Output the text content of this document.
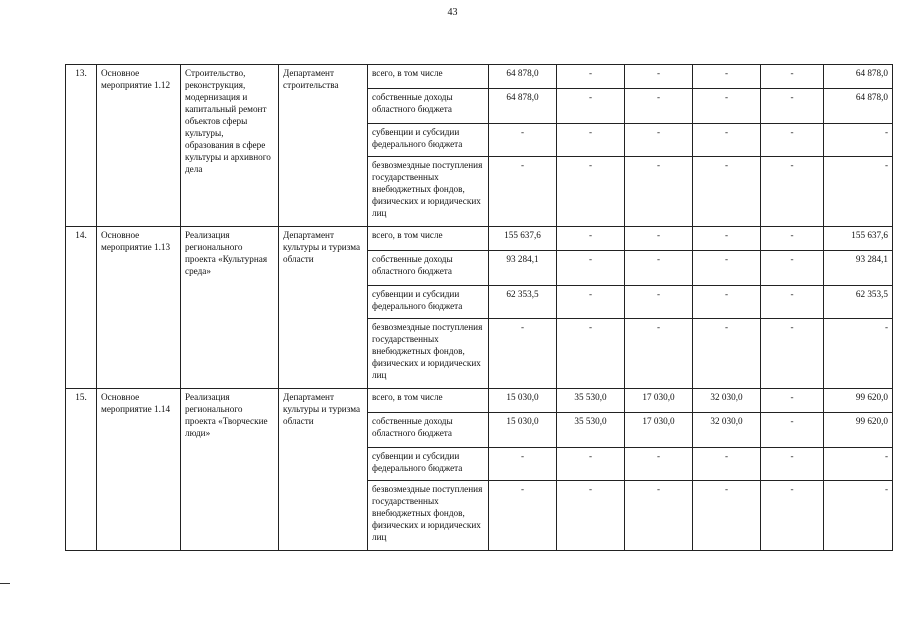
43
13.	Основное мероприятие 1.12	Строительство, реконструкция, модернизация и капитальный ремонт объектов сферы культуры, образования в сфере культуры и архивного дела	Департамент строительства	всего, в том числе	64 878,0	-	-	-	-	64 878,0
				собственные доходы областного бюджета	64 878,0	-	-	-	-	64 878,0
				субвенции и субсидии федерального бюджета	-	-	-	-	-	-
				безвозмездные поступления государственных внебюджетных фондов, физических и юридических лиц	-	-	-	-	-	-
14.	Основное мероприятие 1.13	Реализация регионального проекта «Культурная среда»	Департамент культуры и туризма области	всего, в том числе	155 637,6	-	-	-	-	155 637,6
				собственные доходы областного бюджета	93 284,1	-	-	-	-	93 284,1
				субвенции и субсидии федерального бюджета	62 353,5	-	-	-	-	62 353,5
				безвозмездные поступления государственных внебюджетных фондов, физических и юридических лиц	-	-	-	-	-	-
15.	Основное мероприятие 1.14	Реализация регионального проекта «Творческие люди»	Департамент культуры и туризма области	всего, в том числе	15 030,0	35 530,0	17 030,0	32 030,0	-	99 620,0
				собственные доходы областного бюджета	15 030,0	35 530,0	17 030,0	32 030,0	-	99 620,0
				субвенции и субсидии федерального бюджета	-	-	-	-	-	-
				безвозмездные поступления государственных внебюджетных фондов, физических и юридических лиц	-	-	-	-	-	-
